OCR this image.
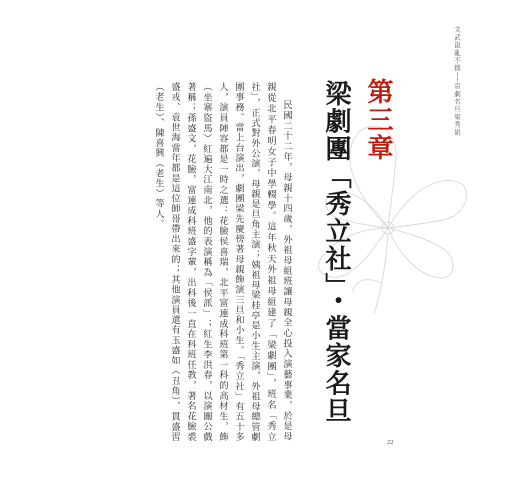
文武崑亂不擋──京劇名旦梁秀娟
第三章
梁劇團「秀立社」・當家名旦

民國二十二年，母親十四歲，外祖母組班讓母親全心投入演藝事業，於是母親從北平春明女子中學輟學。這年秋天外祖母組建了「梁劇團」，班名「秀立社」，正式對外公演，母親是旦角主演；姨祖母梁桂亭是小生主演，外祖母總管劇團事務。當上台演出，劇團梁先慶傍著母親飾演三旦和小生。「秀立社」有五十多人，演員陣容都是一時之選：花臉侯喜瑞，北平富連成科班第一科的高材生，飾（坐寨盜馬）紅遍大江南北，他的表演稱為「侯派」；紅生李洪春，以演關公戲著稱；孫盛文，花臉，富連成科班盛字輩，出科後一直在科班任教，著名花臉裘盛戎、袁世海當年都是這位師哥帶出來的；其他演員還有玉盛如（丑角）、貫盛習（老生）、陳喜興（老生）等人。

22
